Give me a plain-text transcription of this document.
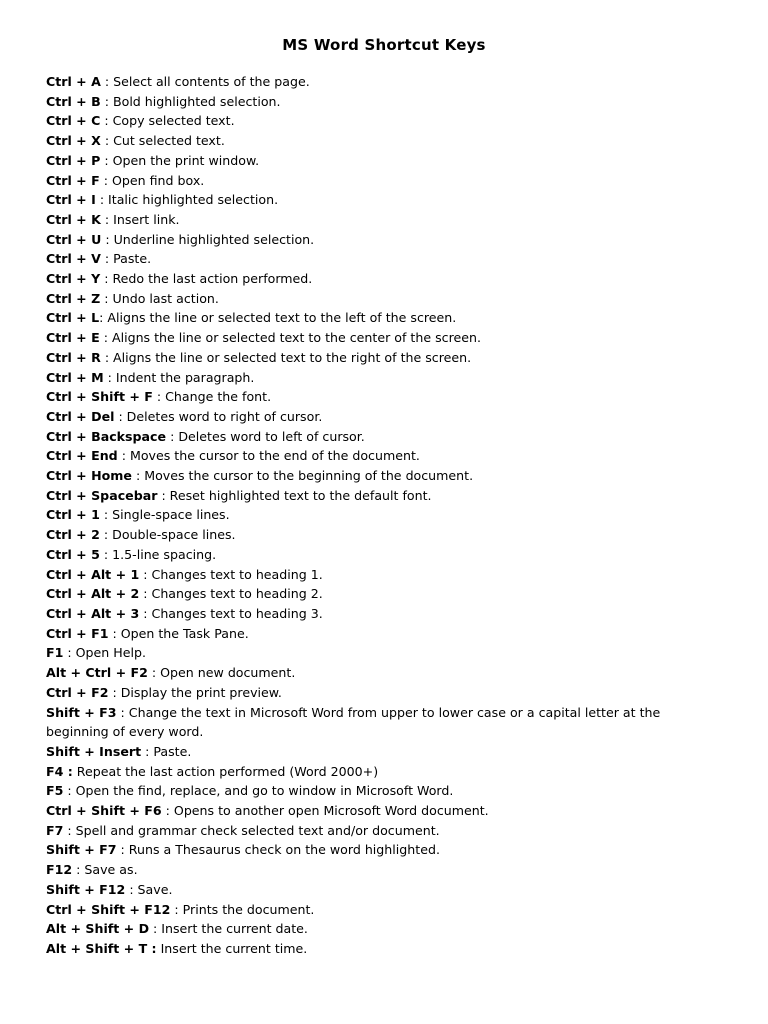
MS Word Shortcut Keys
Ctrl + A : Select all contents of the page.
Ctrl + B : Bold highlighted selection.
Ctrl + C : Copy selected text.
Ctrl + X : Cut selected text.
Ctrl + P : Open the print window.
Ctrl + F : Open find box.
Ctrl + I : Italic highlighted selection.
Ctrl + K : Insert link.
Ctrl + U : Underline highlighted selection.
Ctrl + V : Paste.
Ctrl + Y : Redo the last action performed.
Ctrl + Z : Undo last action.
Ctrl + L: Aligns the line or selected text to the left of the screen.
Ctrl + E : Aligns the line or selected text to the center of the screen.
Ctrl + R : Aligns the line or selected text to the right of the screen.
Ctrl + M : Indent the paragraph.
Ctrl + Shift + F : Change the font.
Ctrl + Del : Deletes word to right of cursor.
Ctrl + Backspace : Deletes word to left of cursor.
Ctrl + End : Moves the cursor to the end of the document.
Ctrl + Home : Moves the cursor to the beginning of the document.
Ctrl + Spacebar : Reset highlighted text to the default font.
Ctrl + 1 : Single-space lines.
Ctrl + 2 : Double-space lines.
Ctrl + 5 : 1.5-line spacing.
Ctrl + Alt + 1 : Changes text to heading 1.
Ctrl + Alt + 2 : Changes text to heading 2.
Ctrl + Alt + 3 : Changes text to heading 3.
Ctrl + F1 : Open the Task Pane.
F1 : Open Help.
Alt + Ctrl + F2 : Open new document.
Ctrl + F2 : Display the print preview.
Shift + F3 : Change the text in Microsoft Word from upper to lower case or a capital letter at the beginning of every word.
Shift + Insert : Paste.
F4 : Repeat the last action performed (Word 2000+)
F5 : Open the find, replace, and go to window in Microsoft Word.
Ctrl + Shift + F6 : Opens to another open Microsoft Word document.
F7 : Spell and grammar check selected text and/or document.
Shift + F7 : Runs a Thesaurus check on the word highlighted.
F12 : Save as.
Shift + F12 : Save.
Ctrl + Shift + F12 : Prints the document.
Alt + Shift + D : Insert the current date.
Alt + Shift + T : Insert the current time.
